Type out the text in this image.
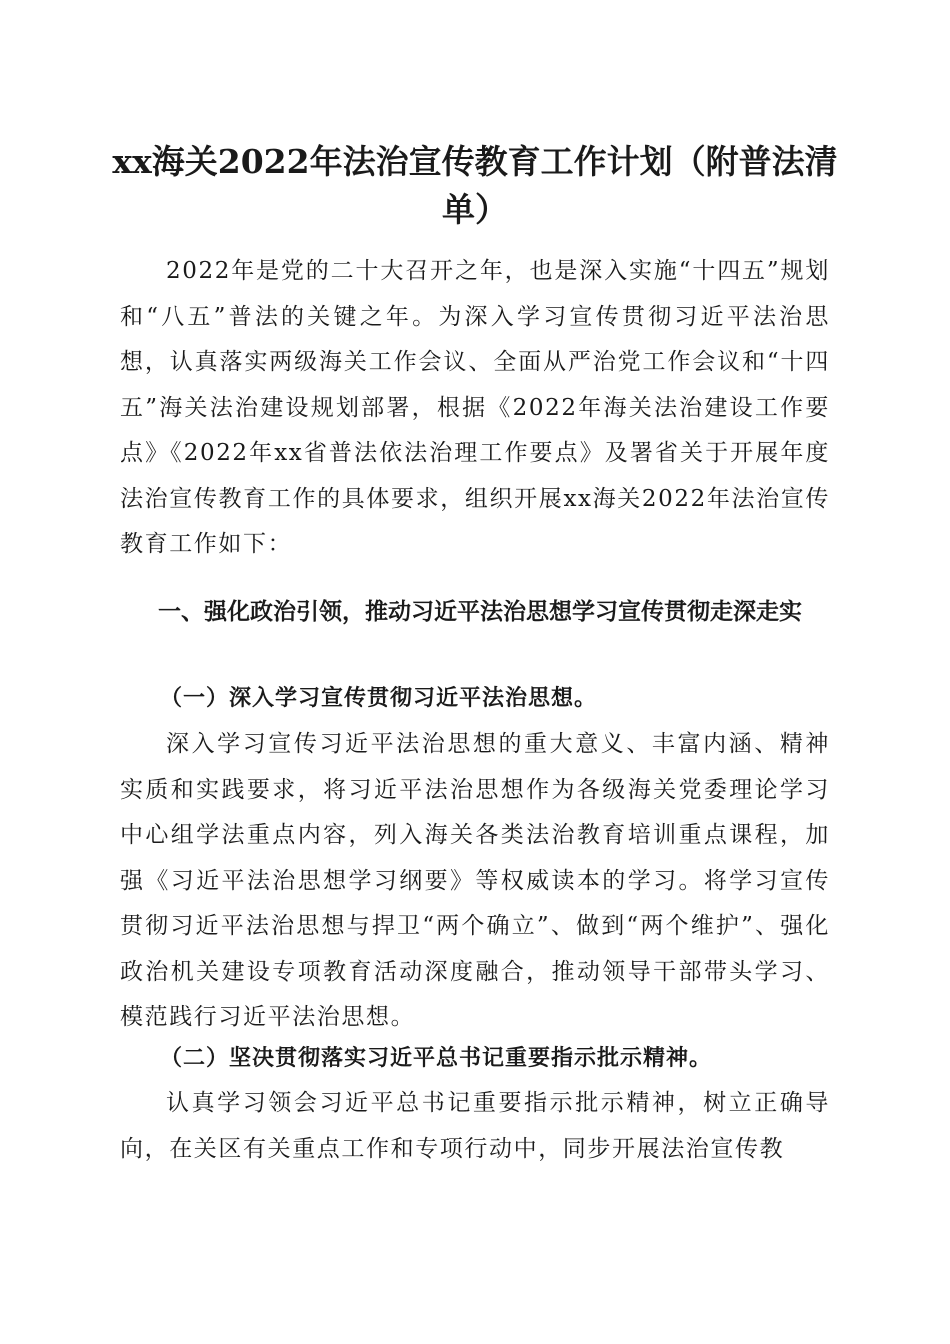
xx海关2022年法治宣传教育工作计划（附普法清单）

2022年是党的二十大召开之年，也是深入实施“十四五”规划和“八五”普法的关键之年。为深入学习宣传贯彻习近平法治思想，认真落实两级海关工作会议、全面从严治党工作会议和“十四五”海关法治建设规划部署，根据《2022年海关法治建设工作要点》《2022年xx省普法依法治理工作要点》及署省关于开展年度法治宣传教育工作的具体要求，组织开展xx海关2022年法治宣传教育工作如下：

一、强化政治引领，推动习近平法治思想学习宣传贯彻走深走实
（一）深入学习宣传贯彻习近平法治思想。

深入学习宣传习近平法治思想的重大意义、丰富内涵、精神实质和实践要求，将习近平法治思想作为各级海关党委理论学习中心组学法重点内容，列入海关各类法治教育培训重点课程，加强《习近平法治思想学习纲要》等权威读本的学习。将学习宣传贯彻习近平法治思想与捍卫“两个确立”、做到“两个维护”、强化政治机关建设专项教育活动深度融合，推动领导干部带头学习、模范践行习近平法治思想。

（二）坚决贯彻落实习近平总书记重要指示批示精神。

认真学习领会习近平总书记重要指示批示精神，树立正确导向，在关区有关重点工作和专项行动中，同步开展法治宣传教
